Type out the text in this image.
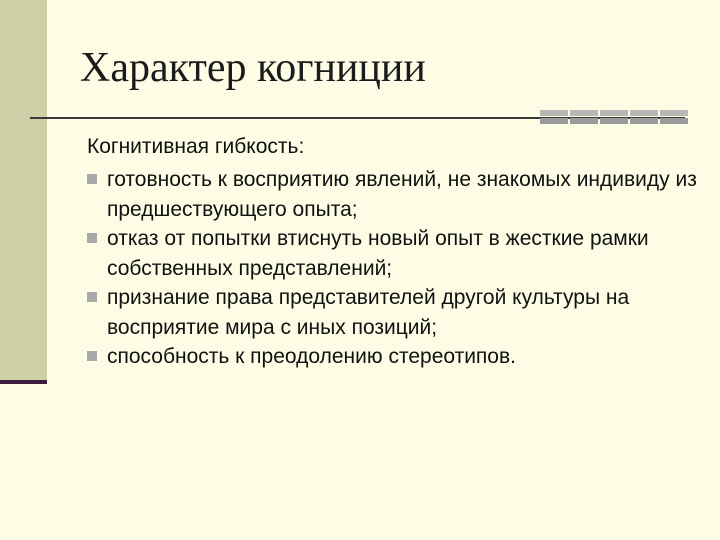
Характер когниции
Когнитивная гибкость:
готовность к восприятию явлений, не знакомых индивиду из предшествующего опыта;
отказ от попытки втиснуть новый опыт в жесткие рамки собственных представлений;
признание права представителей другой культуры на восприятие мира с иных позиций;
способность к преодолению стереотипов.
